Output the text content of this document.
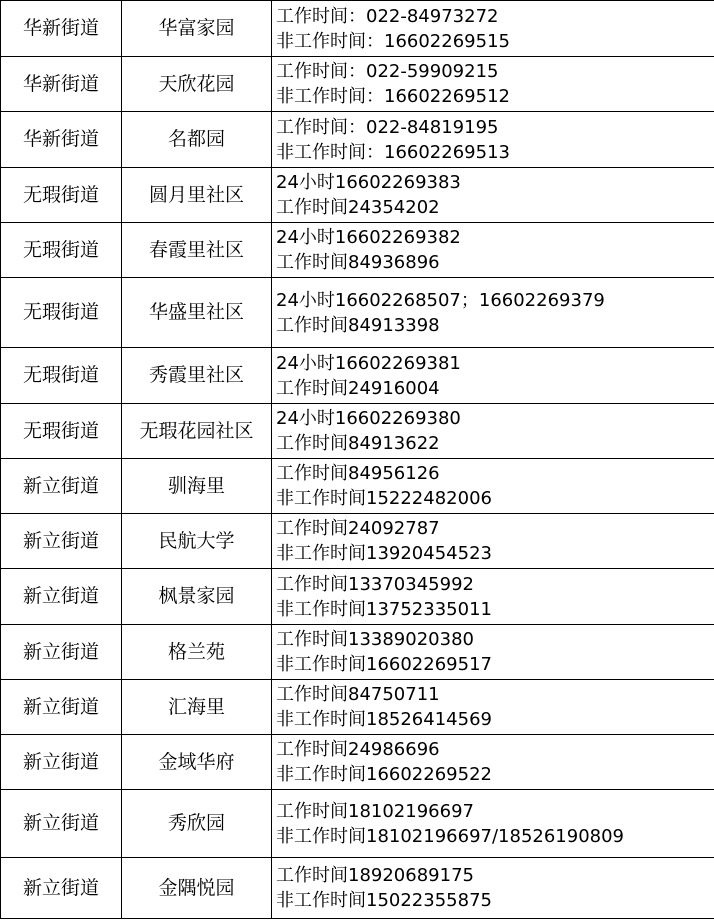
华新街道	华富家园	工作时间：022-84973272
非工作时间：16602269515

华新街道	天欣花园	工作时间：022-59909215
非工作时间：16602269512

华新街道	名都园	工作时间：022-84819195
非工作时间：16602269513

无瑕街道	圆月里社区	24小时16602269383
工作时间24354202

无瑕街道	春霞里社区	24小时16602269382
工作时间84936896

无瑕街道	华盛里社区	24小时16602268507；16602269379
工作时间84913398

无瑕街道	秀霞里社区	24小时16602269381
工作时间24916004

无瑕街道	无瑕花园社区	24小时16602269380
工作时间84913622

新立街道	驯海里	工作时间84956126
非工作时间15222482006

新立街道	民航大学	工作时间24092787
非工作时间13920454523

新立街道	枫景家园	工作时间13370345992
非工作时间13752335011

新立街道	格兰苑	工作时间13389020380
非工作时间16602269517

新立街道	汇海里	工作时间84750711
非工作时间18526414569

新立街道	金域华府	工作时间24986696
非工作时间16602269522

新立街道	秀欣园	工作时间18102196697
非工作时间18102196697/18526190809

新立街道	金隅悦园	工作时间18920689175
非工作时间15022355875
